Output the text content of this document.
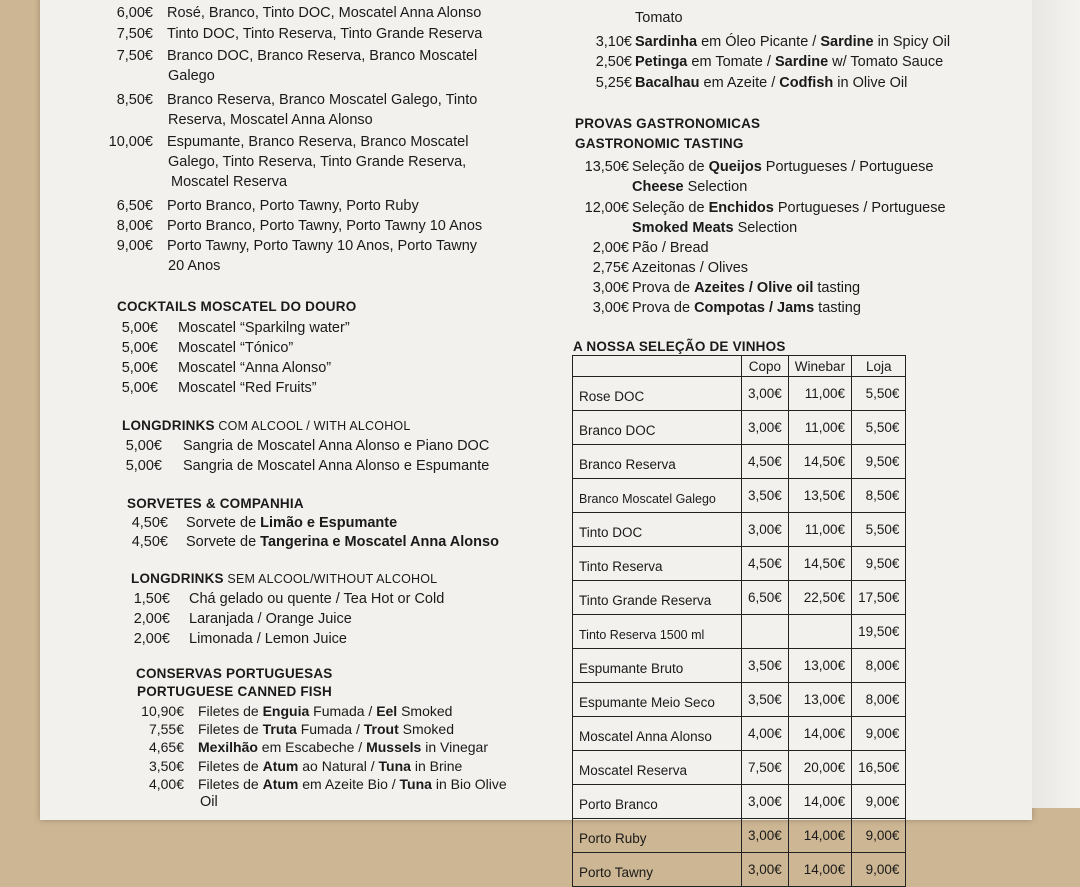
6,00€ Rosé, Branco, Tinto DOC, Moscatel Anna Alonso
7,50€ Tinto DOC, Tinto Reserva, Tinto Grande Reserva
7,50€ Branco DOC, Branco Reserva, Branco Moscatel
Galego
8,50€ Branco Reserva, Branco Moscatel Galego, Tinto
Reserva, Moscatel Anna Alonso
10,00€ Espumante, Branco Reserva, Branco Moscatel
Galego, Tinto Reserva, Tinto Grande Reserva,
Moscatel Reserva
6,50€ Porto Branco, Porto Tawny, Porto Ruby
8,00€ Porto Branco, Porto Tawny, Porto Tawny 10 Anos
9,00€ Porto Tawny, Porto Tawny 10 Anos, Porto Tawny
20 Anos
COCKTAILS MOSCATEL DO DOURO
5,00€ Moscatel “Sparkilng water”
5,00€ Moscatel “Tónico”
5,00€ Moscatel “Anna Alonso”
5,00€ Moscatel “Red Fruits”
LONGDRINKS COM ALCOOL / WITH ALCOHOL
5,00€ Sangria de Moscatel Anna Alonso e Piano DOC
5,00€ Sangria de Moscatel Anna Alonso e Espumante
SORVETES & COMPANHIA
4,50€ Sorvete de Limão e Espumante
4,50€ Sorvete de Tangerina e Moscatel Anna Alonso
LONGDRINKS SEM ALCOOL/WITHOUT ALCOHOL
1,50€ Chá gelado ou quente / Tea Hot or Cold
2,00€ Laranjada / Orange Juice
2,00€ Limonada / Lemon Juice
CONSERVAS PORTUGUESAS
PORTUGUESE CANNED FISH
10,90€ Filetes de Enguia Fumada / Eel Smoked
7,55€ Filetes de Truta Fumada / Trout Smoked
4,65€ Mexilhão em Escabeche / Mussels in Vinegar
3,50€ Filetes de Atum ao Natural / Tuna in Brine
4,00€ Filetes de Atum em Azeite Bio / Tuna in Bio Olive
Oil
Tomato
3,10€ Sardinha em Óleo Picante / Sardine in Spicy Oil
2,50€ Petinga em Tomate / Sardine w/ Tomato Sauce
5,25€ Bacalhau em Azeite / Codfish in Olive Oil
PROVAS GASTRONOMICAS
GASTRONOMIC TASTING
13,50€ Seleção de Queijos Portugueses / Portuguese
Cheese Selection
12,00€ Seleção de Enchidos Portugueses / Portuguese
Smoked Meats Selection
2,00€ Pão / Bread
2,75€ Azeitonas / Olives
3,00€ Prova de Azeites / Olive oil tasting
3,00€ Prova de Compotas / Jams tasting
A NOSSA SELEÇÃO DE VINHOS
	Copo	Winebar	Loja
Rose DOC	3,00€	11,00€	5,50€
Branco DOC	3,00€	11,00€	5,50€
Branco Reserva	4,50€	14,50€	9,50€
Branco Moscatel Galego	3,50€	13,50€	8,50€
Tinto DOC	3,00€	11,00€	5,50€
Tinto Reserva	4,50€	14,50€	9,50€
Tinto Grande Reserva	6,50€	22,50€	17,50€
Tinto Reserva 1500 ml			19,50€
Espumante Bruto	3,50€	13,00€	8,00€
Espumante Meio Seco	3,50€	13,00€	8,00€
Moscatel Anna Alonso	4,00€	14,00€	9,00€
Moscatel Reserva	7,50€	20,00€	16,50€
Porto Branco	3,00€	14,00€	9,00€
Porto Ruby	3,00€	14,00€	9,00€
Porto Tawny	3,00€	14,00€	9,00€
